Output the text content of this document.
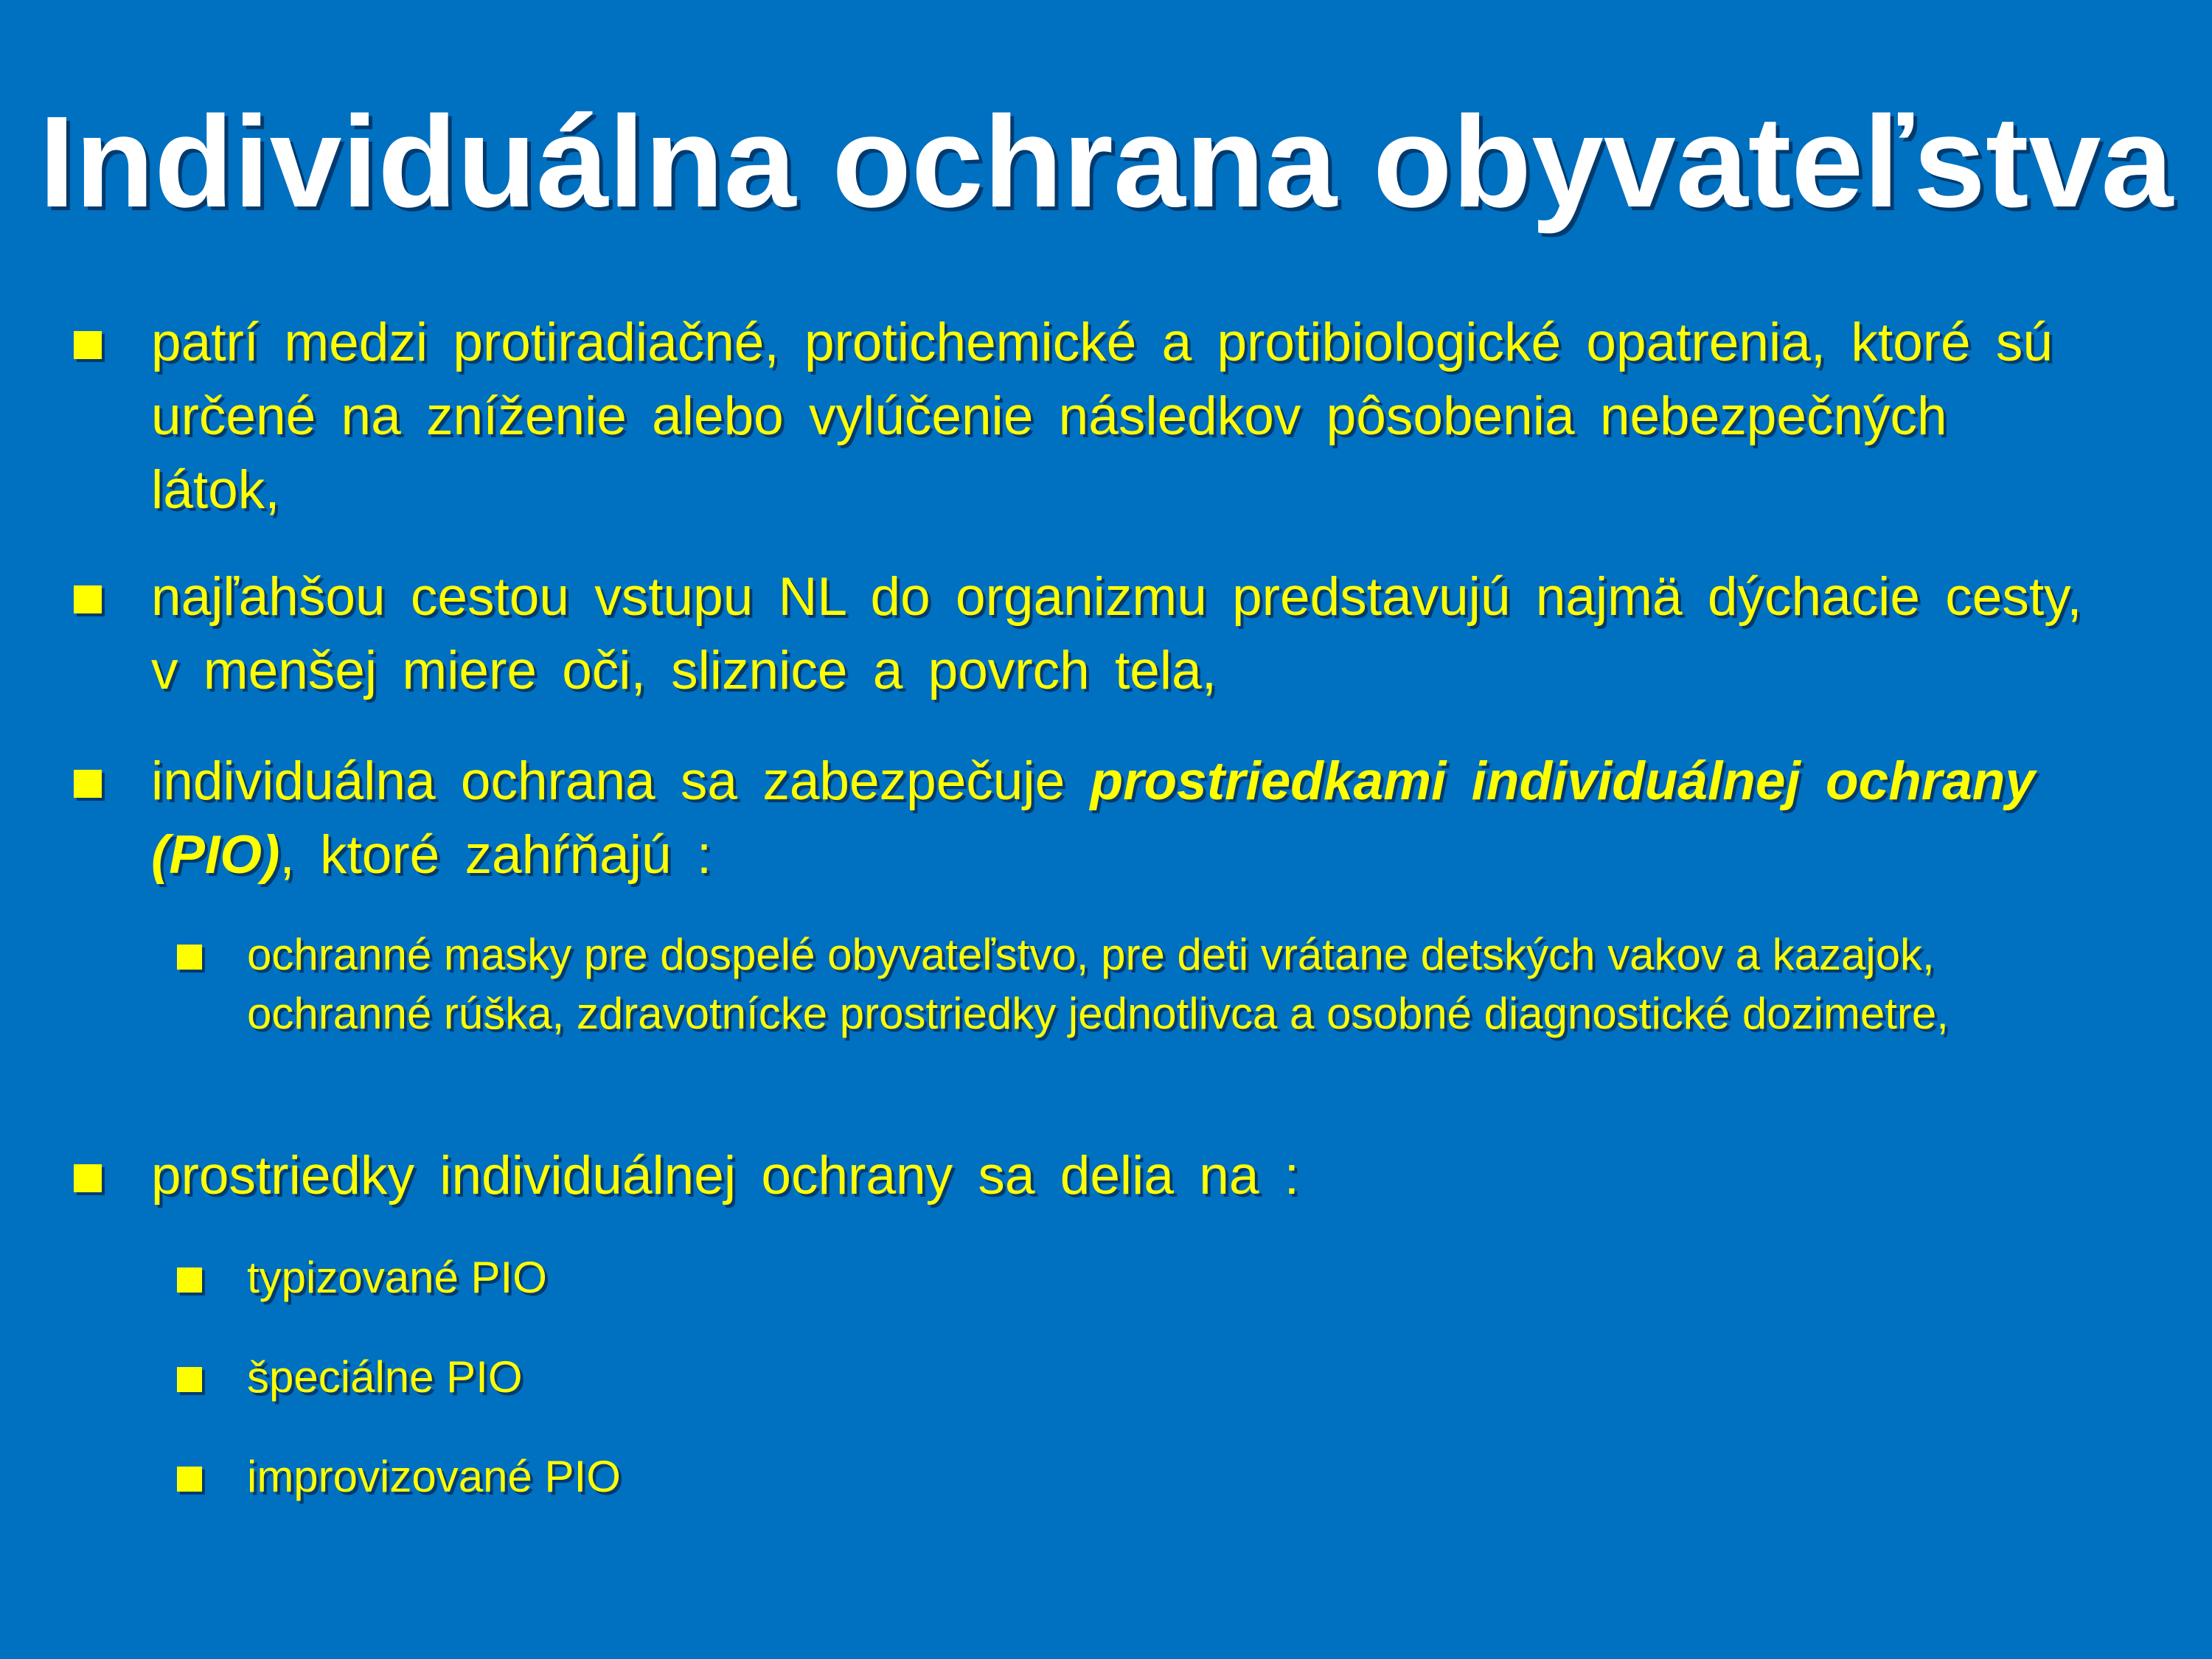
Individuálna ochrana obyvateľstva
patrí medzi protiradiačné, protichemické a protibiologické opatrenia, ktoré sú určené na zníženie alebo vylúčenie následkov pôsobenia nebezpečných látok,
najľahšou cestou vstupu NL do organizmu predstavujú najmä dýchacie cesty, v menšej miere oči, sliznice a povrch tela,
individuálna ochrana sa zabezpečuje prostriedkami individuálnej ochrany (PIO), ktoré zahŕňajú :
ochranné masky pre dospelé obyvateľstvo, pre deti vrátane detských vakov a kazajok, ochranné rúška, zdravotnícke prostriedky jednotlivca a osobné diagnostické dozimetre,
prostriedky individuálnej ochrany sa delia na :
typizované PIO
špeciálne PIO
improvizované PIO
